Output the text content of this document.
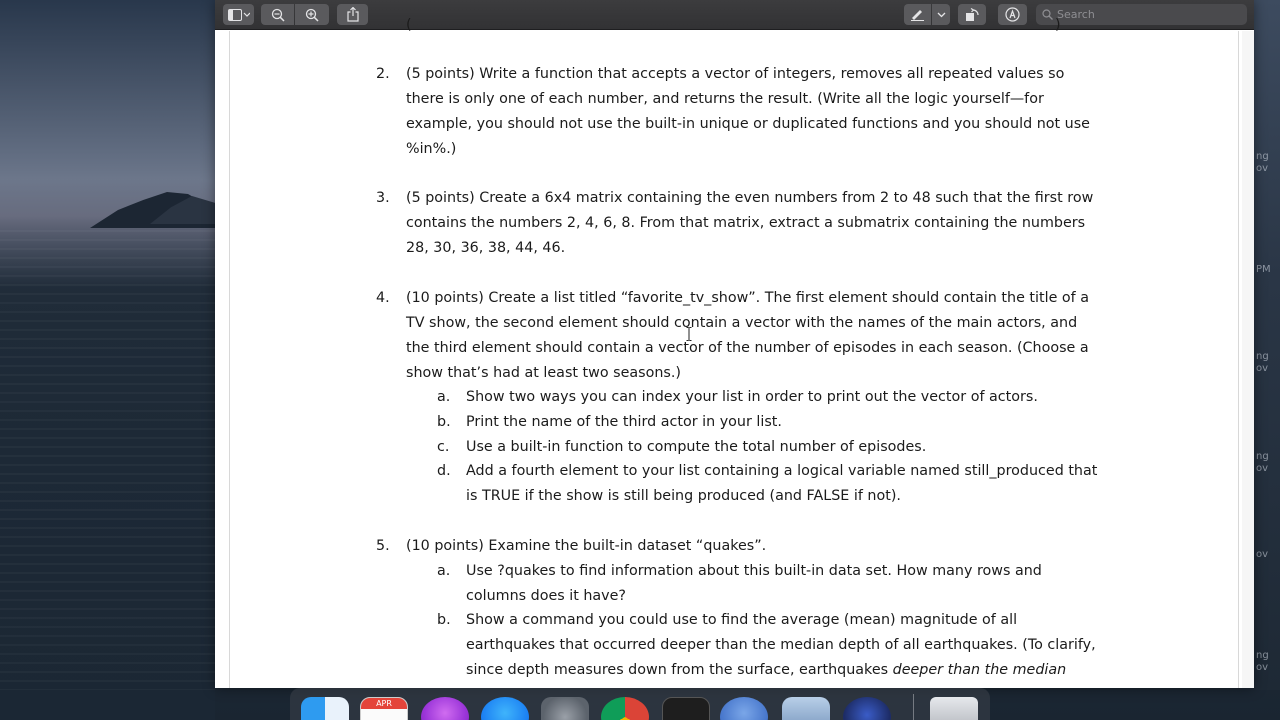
ng
ov
PM
ng
ov
ng
ov
ov
ng
ov
Search
(	)
2. (5 points) Write a function that accepts a vector of integers, removes all repeated values so
there is only one of each number, and returns the result. (Write all the logic yourself—for
example, you should not use the built-in unique or duplicated functions and you should not use
%in%.)
3. (5 points) Create a 6x4 matrix containing the even numbers from 2 to 48 such that the first row
contains the numbers 2, 4, 6, 8. From that matrix, extract a submatrix containing the numbers
28, 30, 36, 38, 44, 46.
4. (10 points) Create a list titled “favorite_tv_show”. The first element should contain the title of a
TV show, the second element should contain a vector with the names of the main actors, and
the third element should contain a vector of the number of episodes in each season. (Choose a
show that’s had at least two seasons.)
a. Show two ways you can index your list in order to print out the vector of actors.
b. Print the name of the third actor in your list.
c. Use a built-in function to compute the total number of episodes.
d. Add a fourth element to your list containing a logical variable named still_produced that
is TRUE if the show is still being produced (and FALSE if not).
5. (10 points) Examine the built-in dataset “quakes”.
a. Use ?quakes to find information about this built-in data set. How many rows and
columns does it have?
b. Show a command you could use to find the average (mean) magnitude of all
earthquakes that occurred deeper than the median depth of all earthquakes. (To clarify,
since depth measures down from the surface, earthquakes deeper than the median
APR
